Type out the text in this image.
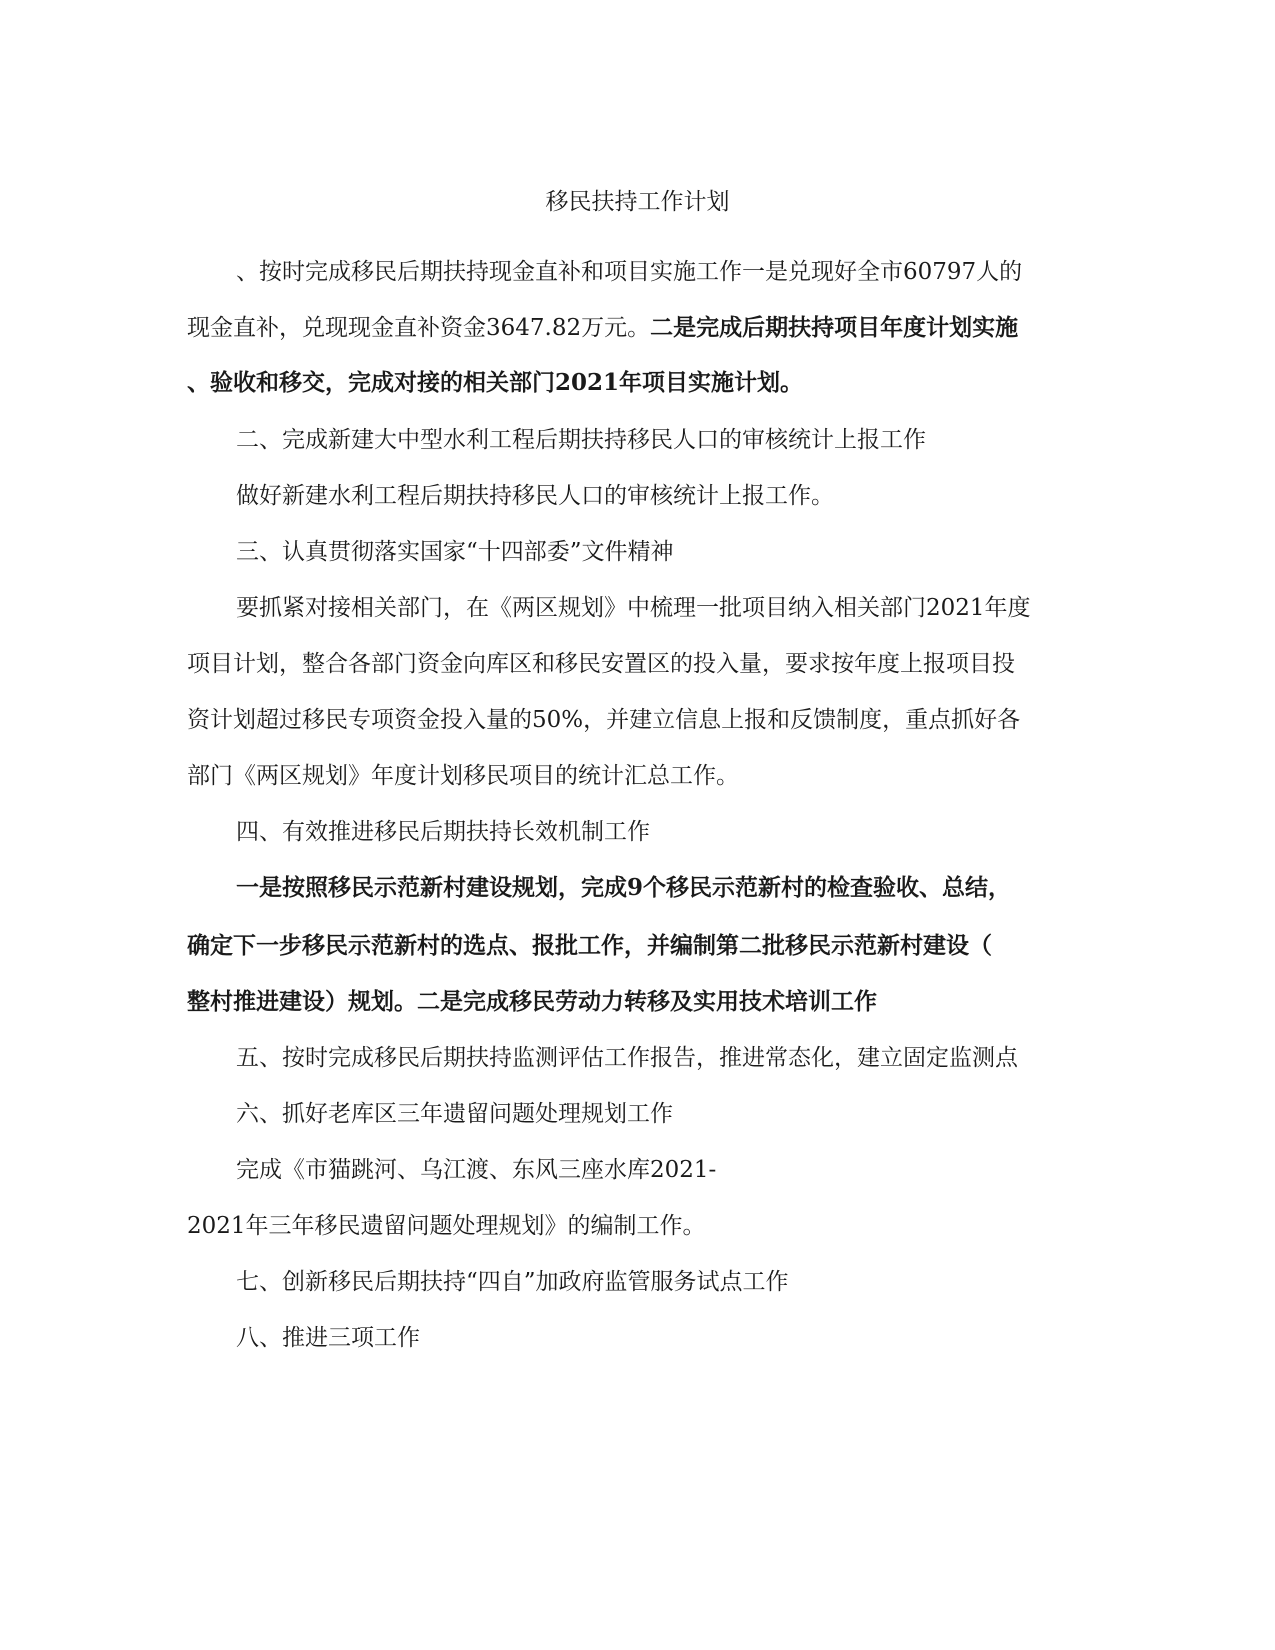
移民扶持工作计划
、按时完成移民后期扶持现金直补和项目实施工作一是兑现好全市60797人的
现金直补，兑现现金直补资金3647.82万元。二是完成后期扶持项目年度计划实施
、验收和移交，完成对接的相关部门2021年项目实施计划。
二、完成新建大中型水利工程后期扶持移民人口的审核统计上报工作
做好新建水利工程后期扶持移民人口的审核统计上报工作。
三、认真贯彻落实国家“十四部委”文件精神
要抓紧对接相关部门，在《两区规划》中梳理一批项目纳入相关部门2021年度
项目计划，整合各部门资金向库区和移民安置区的投入量，要求按年度上报项目投
资计划超过移民专项资金投入量的50%，并建立信息上报和反馈制度，重点抓好各
部门《两区规划》年度计划移民项目的统计汇总工作。
四、有效推进移民后期扶持长效机制工作
一是按照移民示范新村建设规划，完成9个移民示范新村的检查验收、总结，
确定下一步移民示范新村的选点、报批工作，并编制第二批移民示范新村建设（
整村推进建设）规划。二是完成移民劳动力转移及实用技术培训工作
五、按时完成移民后期扶持监测评估工作报告，推进常态化，建立固定监测点
六、抓好老库区三年遗留问题处理规划工作
完成《市猫跳河、乌江渡、东风三座水库2021-
2021年三年移民遗留问题处理规划》的编制工作。
七、创新移民后期扶持“四自”加政府监管服务试点工作
八、推进三项工作
